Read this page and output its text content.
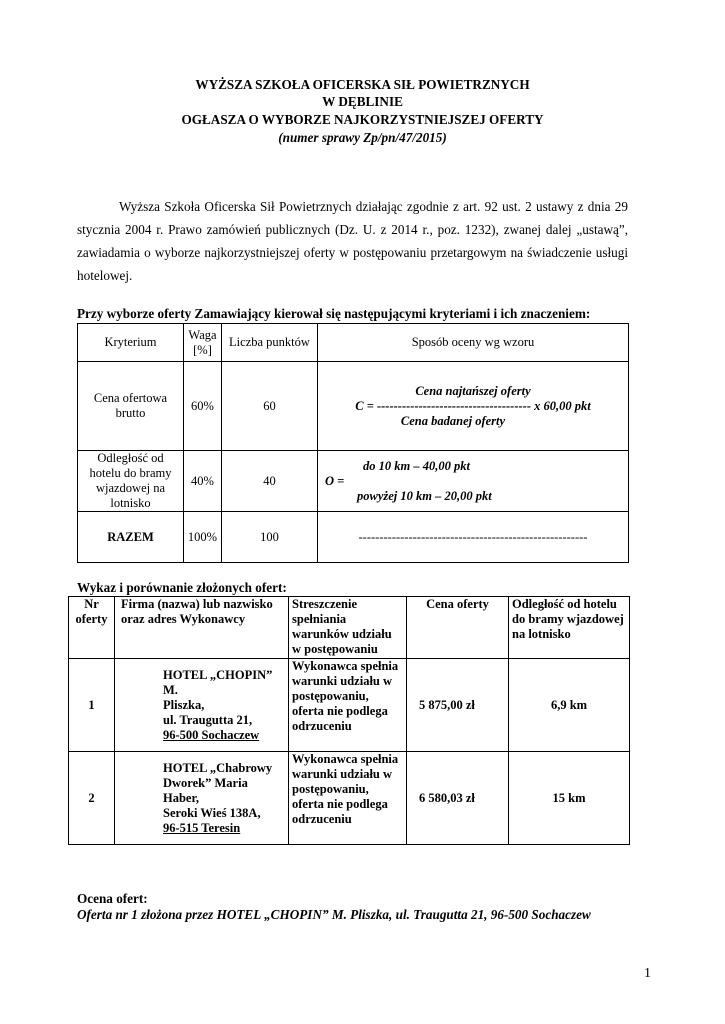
WYŻSZA SZKOŁA OFICERSKA SIŁ POWIETRZNYCH
W DĘBLINIE
OGŁASZA O WYBORZE NAJKORZYSTNIEJSZEJ OFERTY
(numer sprawy Zp/pn/47/2015)
Wyższa Szkoła Oficerska Sił Powietrznych działając zgodnie z art. 92 ust. 2 ustawy z dnia 29 stycznia 2004 r. Prawo zamówień publicznych (Dz. U. z 2014 r., poz. 1232), zwanej dalej „ustawą”, zawiadamia o wyborze najkorzystniejszej oferty w postępowaniu przetargowym na świadczenie usługi hotelowej.
Przy wyborze oferty Zamawiający kierował się następującymi kryteriami i ich znaczeniem:
Kryterium	Waga [%]	Liczba punktów	Sposób oceny wg wzoru
Cena ofertowa brutto	60%	60	Cena najtańszej oferty
C = ------------------------------------- x 60,00 pkt
Cena badanej oferty

Odległość od hotelu do bramy wjazdowej na lotnisko	40%	40	do 10 km – 40,00 pkt
O =
powyżej 10 km – 20,00 pkt

RAZEM	100%	100	-------------------------------------------------------
Wykaz i porównanie złożonych ofert:
Nr oferty	Firma (nazwa) lub nazwisko oraz adres Wykonawcy	Streszczenie spełniania warunków udziału w postępowaniu	Cena oferty	Odległość od hotelu do bramy wjazdowej na lotnisko
1	HOTEL „CHOPIN” M.
Pliszka,
ul. Traugutta 21,
96-500 Sochaczew	Wykonawca spełnia warunki udziału w postępowaniu, oferta nie podlega odrzuceniu	5 875,00 zł	6,9 km
2	HOTEL „Chabrowy
Dworek” Maria Haber,
Seroki Wieś 138A,
96-515 Teresin	Wykonawca spełnia warunki udziału w postępowaniu, oferta nie podlega odrzuceniu	6 580,03 zł	15 km
Ocena ofert:
Oferta nr 1 złożona przez HOTEL „CHOPIN” M. Pliszka, ul. Traugutta 21, 96-500 Sochaczew
1
